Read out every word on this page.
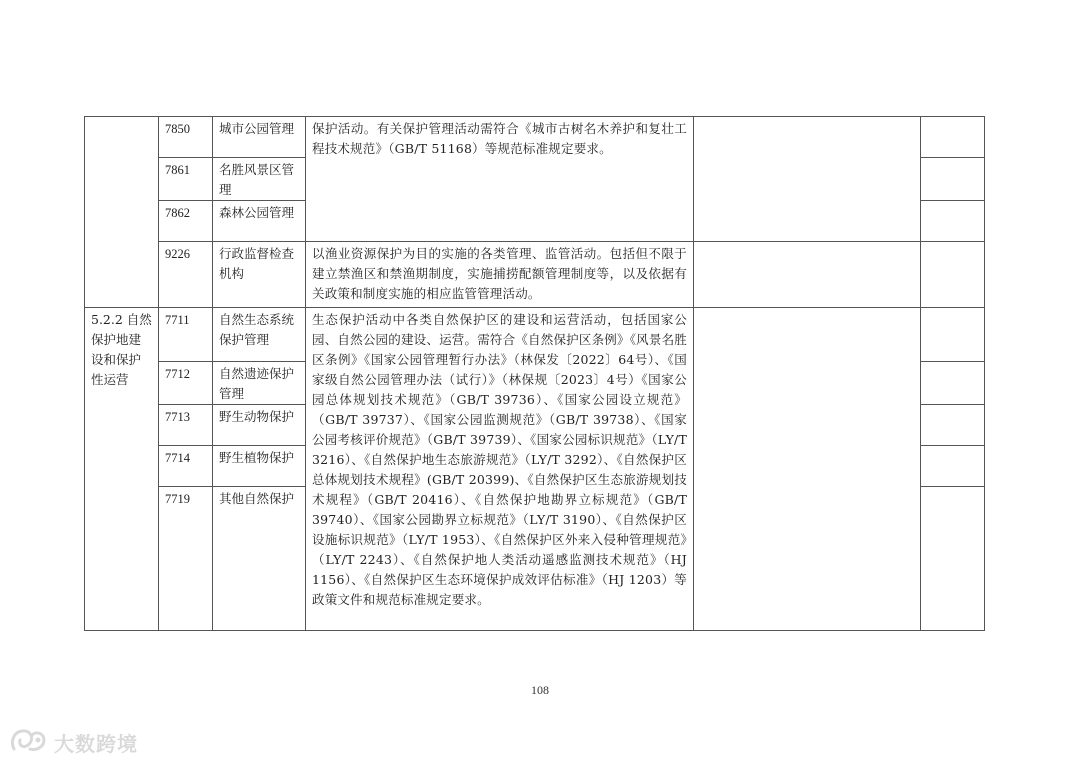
	7850	城市公园管理	保护活动。有关保护管理活动需符合《城市古树名木养护和复壮工程技术规范》（GB/T 51168）等规范标准规定要求。		
	7861	名胜风景区管理			
	7862	森林公园管理			
	9226	行政监督检查机构	以渔业资源保护为目的实施的各类管理、监管活动。包括但不限于建立禁渔区和禁渔期制度，实施捕捞配额管理制度等，以及依据有关政策和制度实施的相应监管管理活动。		
5.2.2 自然保护地建设和保护性运营	7711	自然生态系统保护管理	生态保护活动中各类自然保护区的建设和运营活动，包括国家公园、自然公园的建设、运营。需符合《自然保护区条例》《风景名胜区条例》《国家公园管理暂行办法》（林保发〔2022〕64号）、《国家级自然公园管理办法（试行）》（林保规〔2023〕4号）《国家公园总体规划技术规范》（GB/T 39736）、《国家公园设立规范》（GB/T 39737）、《国家公园监测规范》（GB/T 39738）、《国家公园考核评价规范》（GB/T 39739）、《国家公园标识规范》（LY/T 3216）、《自然保护地生态旅游规范》（LY/T 3292）、《自然保护区总体规划技术规程》(GB/T 20399)、《自然保护区生态旅游规划技术规程》（GB/T 20416）、《自然保护地勘界立标规范》（GB/T 39740）、《国家公园勘界立标规范》（LY/T 3190）、《自然保护区设施标识规范》（LY/T 1953）、《自然保护区外来入侵种管理规范》（LY/T 2243）、《自然保护地人类活动遥感监测技术规范》（HJ 1156）、《自然保护区生态环境保护成效评估标准》（HJ 1203）等政策文件和规范标准规定要求。		
	7712	自然遗迹保护管理			
	7713	野生动物保护			
	7714	野生植物保护			
	7719	其他自然保护			
108
大数跨境
